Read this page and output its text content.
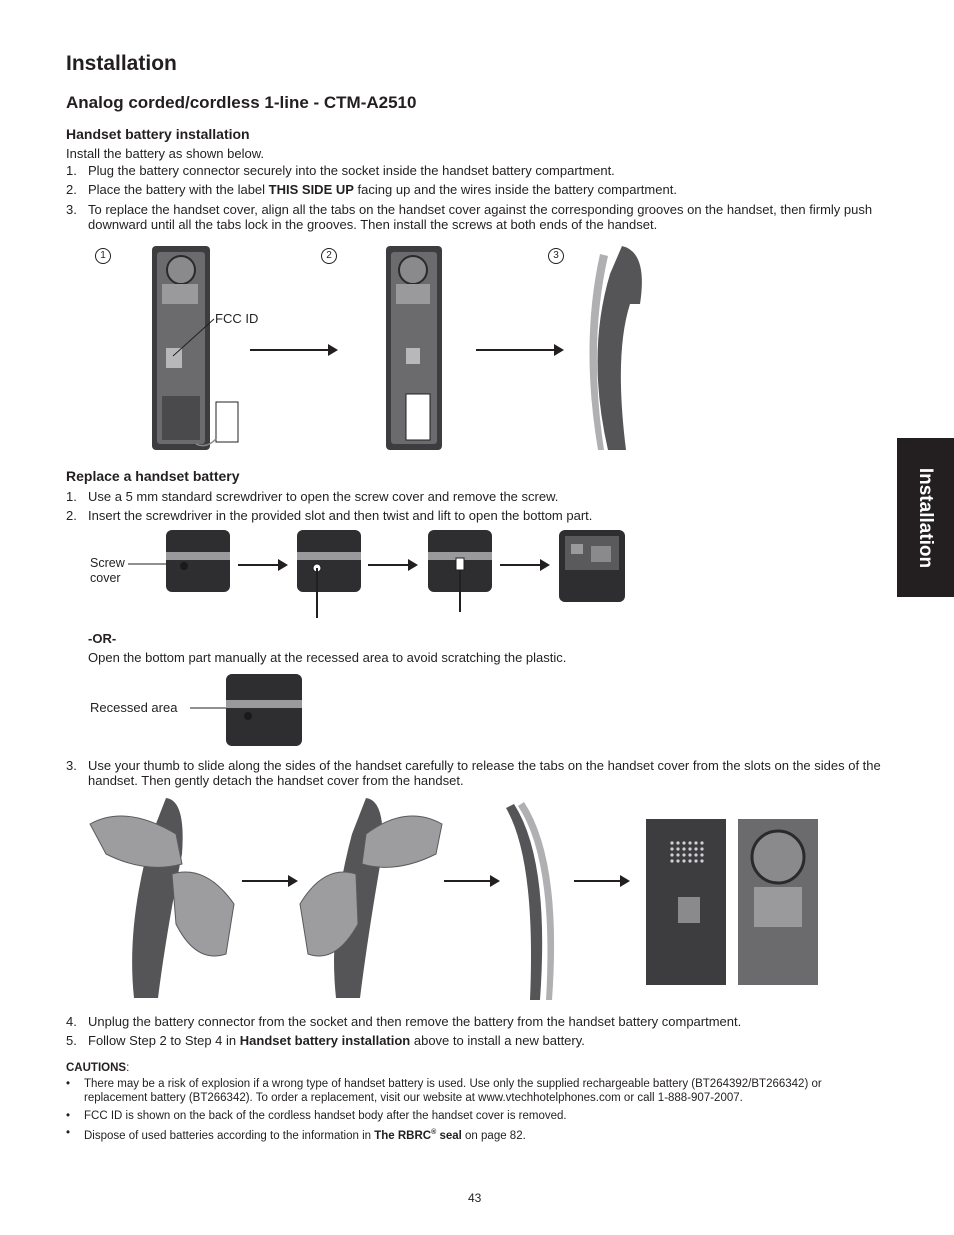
Installation
Analog corded/cordless 1-line - CTM-A2510
Installation
Handset battery installation
Install the battery as shown below.
1. Plug the battery connector securely into the socket inside the handset battery compartment.
2. Place the battery with the label THIS SIDE UP facing up and the wires inside the battery compartment.
3. To replace the handset cover, align all the tabs on the handset cover against the corresponding grooves on the handset, then firmly push downward until all the tabs lock in the grooves. Then install the screws at both ends of the handset.
1	2	3
FCC ID
Replace a handset battery
1. Use a 5 mm standard screwdriver to open the screw cover and remove the screw.
2. Insert the screwdriver in the provided slot and then twist and lift to open the bottom part.
Screw
cover
-OR-
Open the bottom part manually at the recessed area to avoid scratching the plastic.
Recessed area
3. Use your thumb to slide along the sides of the handset carefully to release the tabs on the handset cover from the slots on the sides of the handset. Then gently detach the handset cover from the handset.
4. Unplug the battery connector from the socket and then remove the battery from the handset battery compartment.
5. Follow Step 2 to Step 4 in Handset battery installation above to install a new battery.
CAUTIONS:
• There may be a risk of explosion if a wrong type of handset battery is used. Use only the supplied rechargeable battery (BT264392/BT266342) or replacement battery (BT266342). To order a replacement, visit our website at www.vtechhotelphones.com or call 1-888-907-2007.
• FCC ID is shown on the back of the cordless handset body after the handset cover is removed.
• Dispose of used batteries according to the information in The RBRC® seal on page 82.
43
